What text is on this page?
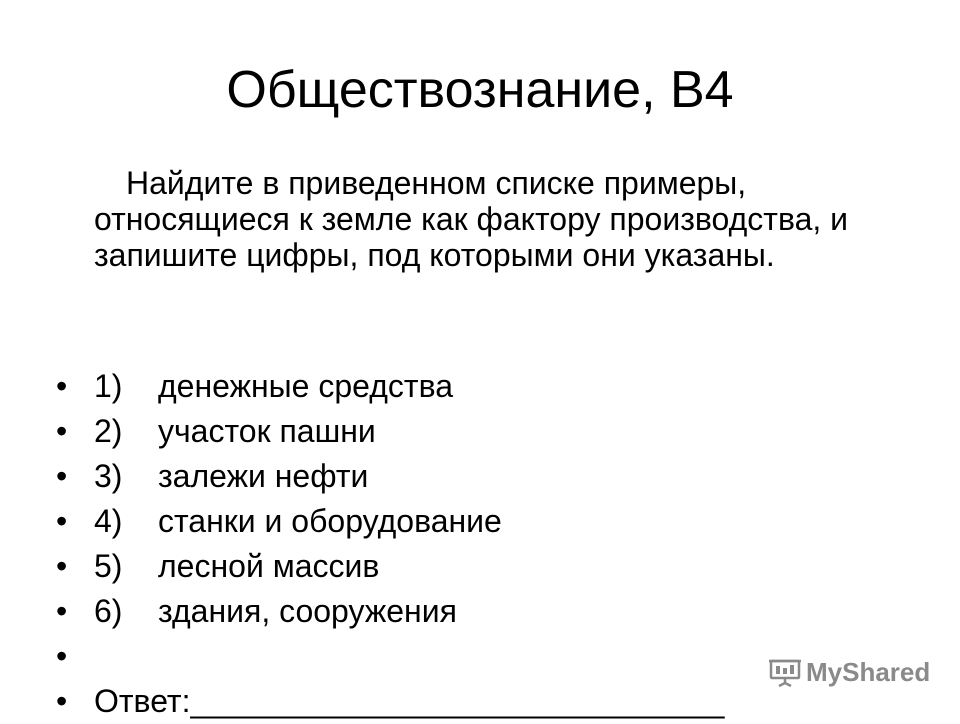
Обществознание, В4

Найдите в приведенном списке примеры, относящиеся к земле как фактору производства, и запишите цифры, под которыми они указаны.

• 1) денежные средства
• 2) участок пашни
• 3) залежи нефти
• 4) станки и оборудование
• 5) лесной массив
• 6) здания, сооружения
•
• Ответ:______________________________
MyShared
